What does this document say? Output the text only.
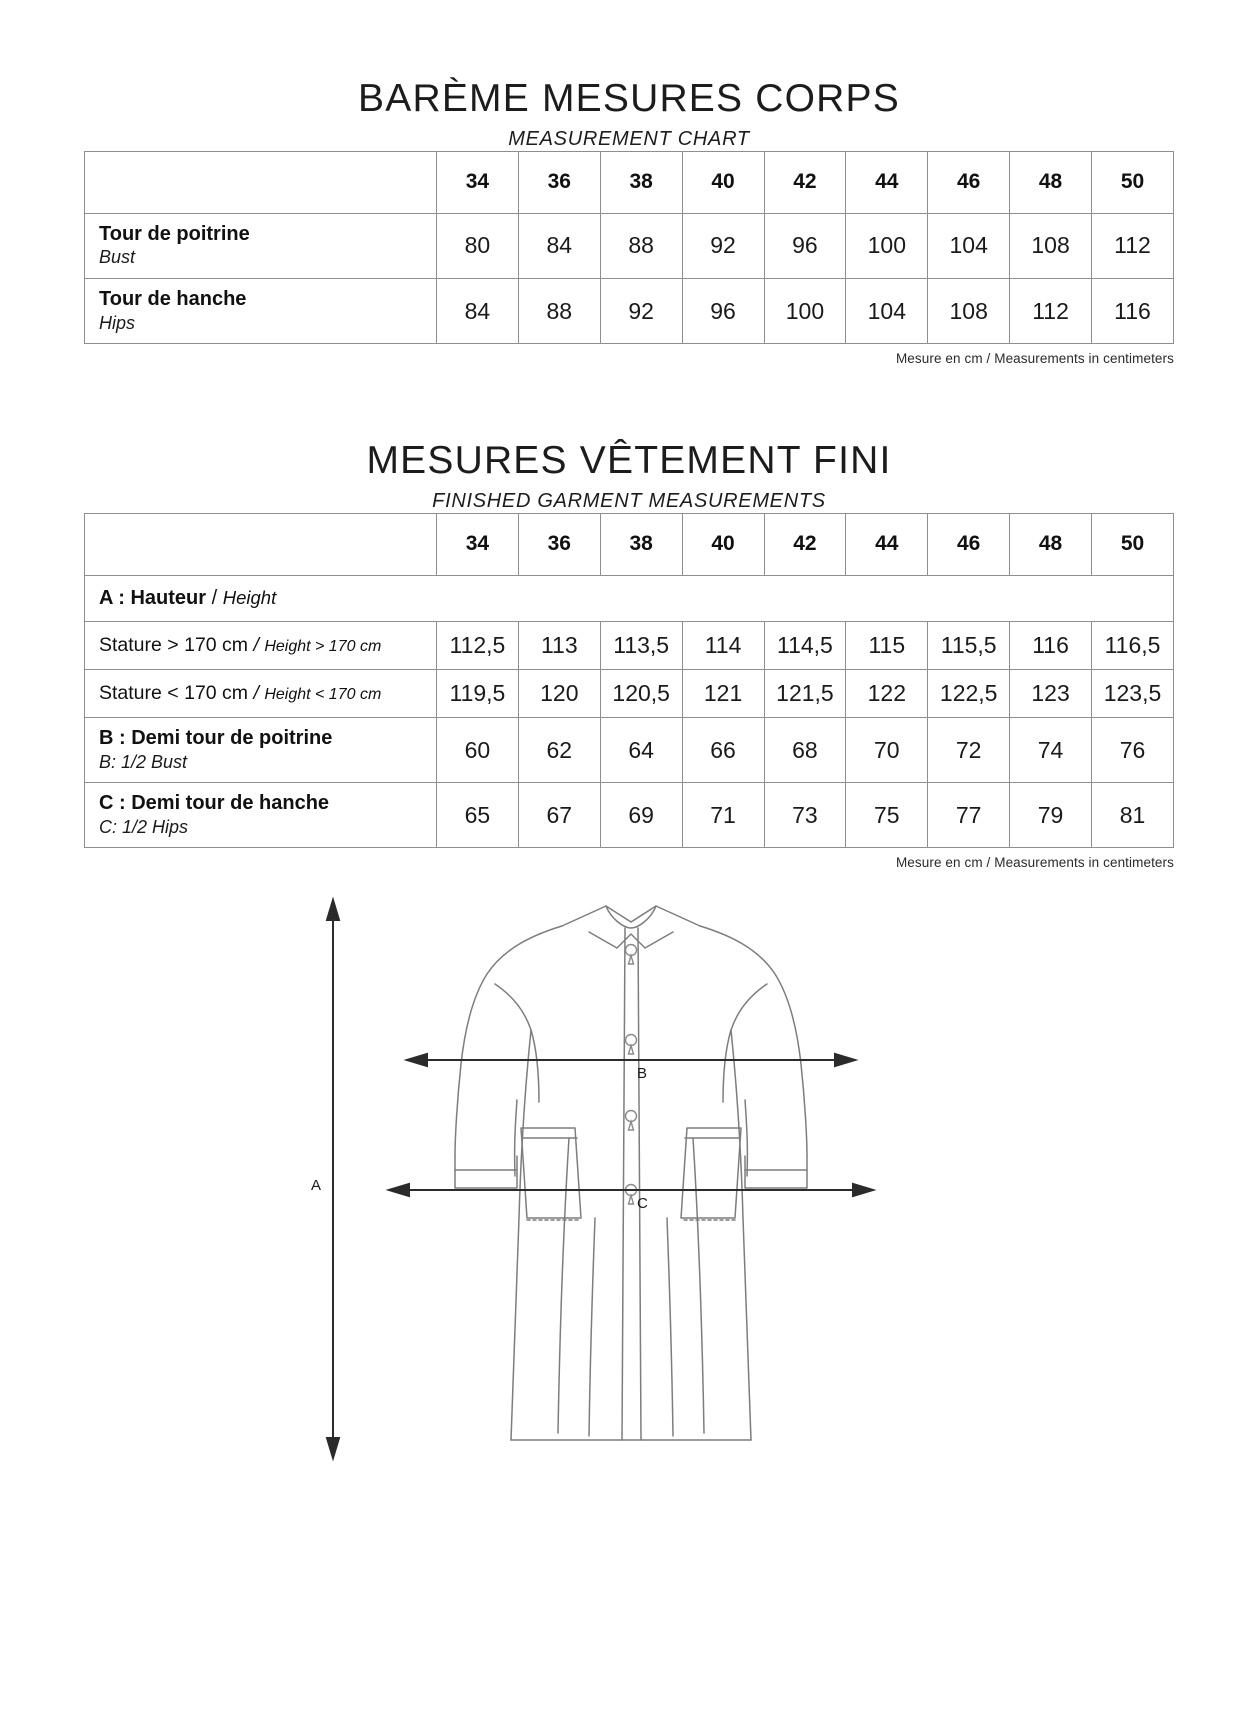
BARÈME MESURES CORPS
MEASUREMENT CHART
	34	36	38	40	42	44	46	48	50

Tour de poitrine
Bust	80	84	88	92	96	100	104	108	112

Tour de hanche
Hips	84	88	92	96	100	104	108	112	116
Mesure en cm / Measurements in centimeters
MESURES VÊTEMENT FINI
FINISHED GARMENT MEASUREMENTS
	34	36	38	40	42	44	46	48	50

A : Hauteur / Height									

Stature > 170 cm / Height > 170 cm	112,5	113	113,5	114	114,5	115	115,5	116	116,5

Stature < 170 cm / Height < 170 cm	119,5	120	120,5	121	121,5	122	122,5	123	123,5

B : Demi tour de poitrine
B: 1/2 Bust	60	62	64	66	68	70	72	74	76

C : Demi tour de hanche
C: 1/2 Hips	65	67	69	71	73	75	77	79	81
Mesure en cm / Measurements in centimeters
A
B
C
